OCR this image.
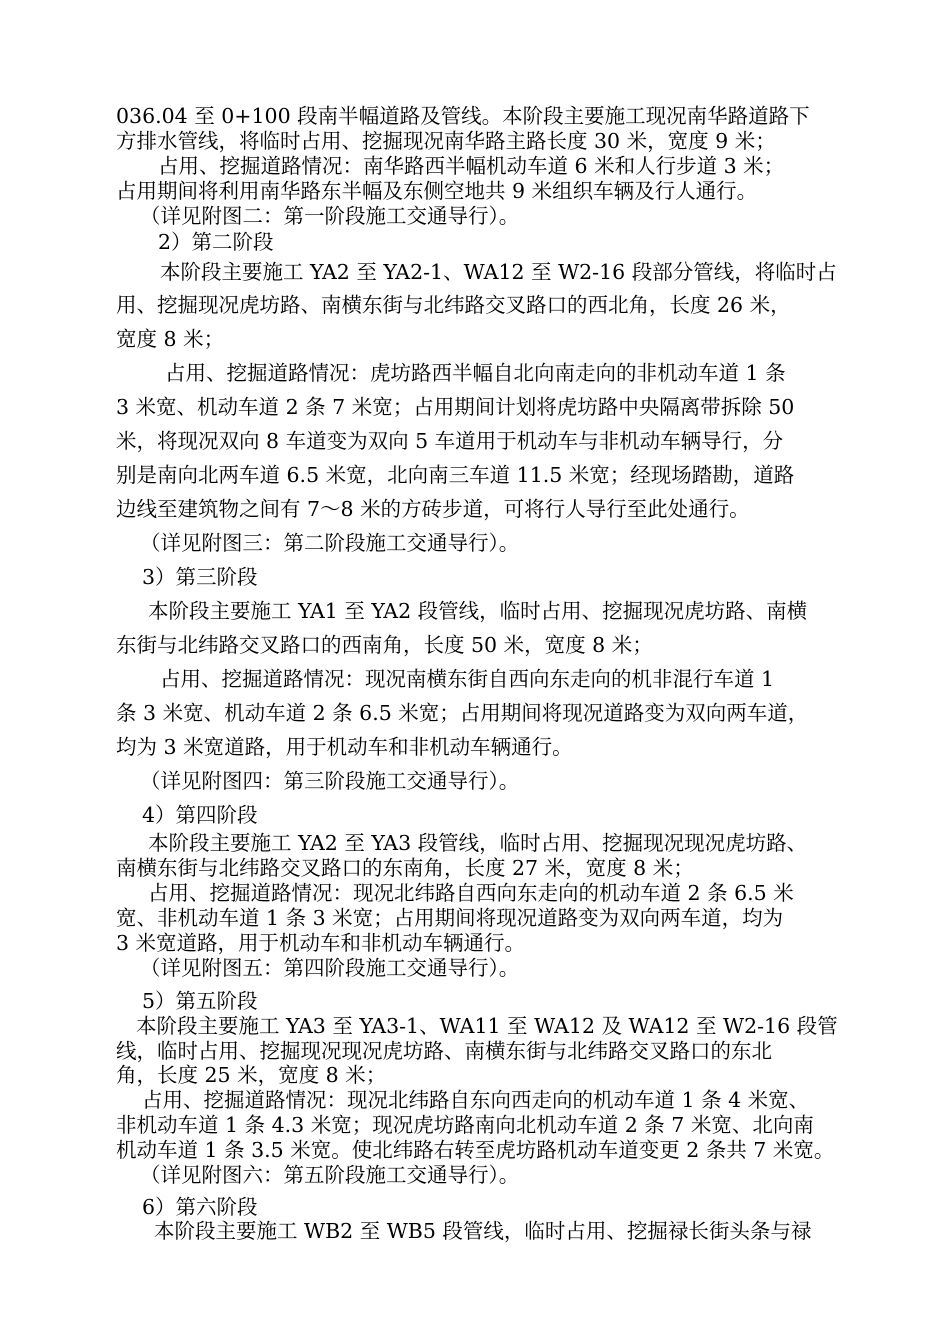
036.04 至 0+100 段南半幅道路及管线。本阶段主要施工现况南华路道路下
方排水管线，将临时占用、挖掘现况南华路主路长度 30 米，宽度 9 米；
占用、挖掘道路情况：南华路西半幅机动车道 6 米和人行步道 3 米；
占用期间将利用南华路东半幅及东侧空地共 9 米组织车辆及行人通行。
（详见附图二：第一阶段施工交通导行）。
2）第二阶段
本阶段主要施工 YA2 至 YA2-1、WA12 至 W2-16 段部分管线，将临时占
用、挖掘现况虎坊路、南横东街与北纬路交叉路口的西北角，长度 26 米，
宽度 8 米；
占用、挖掘道路情况：虎坊路西半幅自北向南走向的非机动车道 1 条
3 米宽、机动车道 2 条 7 米宽；占用期间计划将虎坊路中央隔离带拆除 50
米，将现况双向 8 车道变为双向 5 车道用于机动车与非机动车辆导行，分
别是南向北两车道 6.5 米宽，北向南三车道 11.5 米宽；经现场踏勘，道路
边线至建筑物之间有 7～8 米的方砖步道，可将行人导行至此处通行。
（详见附图三：第二阶段施工交通导行）。
3）第三阶段
本阶段主要施工 YA1 至 YA2 段管线，临时占用、挖掘现况虎坊路、南横
东街与北纬路交叉路口的西南角，长度 50 米，宽度 8 米；
占用、挖掘道路情况：现况南横东街自西向东走向的机非混行车道 1
条 3 米宽、机动车道 2 条 6.5 米宽；占用期间将现况道路变为双向两车道，
均为 3 米宽道路，用于机动车和非机动车辆通行。
（详见附图四：第三阶段施工交通导行）。
4）第四阶段
本阶段主要施工 YA2 至 YA3 段管线，临时占用、挖掘现况现况虎坊路、
南横东街与北纬路交叉路口的东南角，长度 27 米，宽度 8 米；
占用、挖掘道路情况：现况北纬路自西向东走向的机动车道 2 条 6.5 米
宽、非机动车道 1 条 3 米宽；占用期间将现况道路变为双向两车道，均为
3 米宽道路，用于机动车和非机动车辆通行。
（详见附图五：第四阶段施工交通导行）。
5）第五阶段
本阶段主要施工 YA3 至 YA3-1、WA11 至 WA12 及 WA12 至 W2-16 段管
线，临时占用、挖掘现况现况虎坊路、南横东街与北纬路交叉路口的东北
角，长度 25 米，宽度 8 米；
占用、挖掘道路情况：现况北纬路自东向西走向的机动车道 1 条 4 米宽、
非机动车道 1 条 4.3 米宽；现况虎坊路南向北机动车道 2 条 7 米宽、北向南
机动车道 1 条 3.5 米宽。使北纬路右转至虎坊路机动车道变更 2 条共 7 米宽。
（详见附图六：第五阶段施工交通导行）。
6）第六阶段
本阶段主要施工 WB2 至 WB5 段管线，临时占用、挖掘禄长街头条与禄
